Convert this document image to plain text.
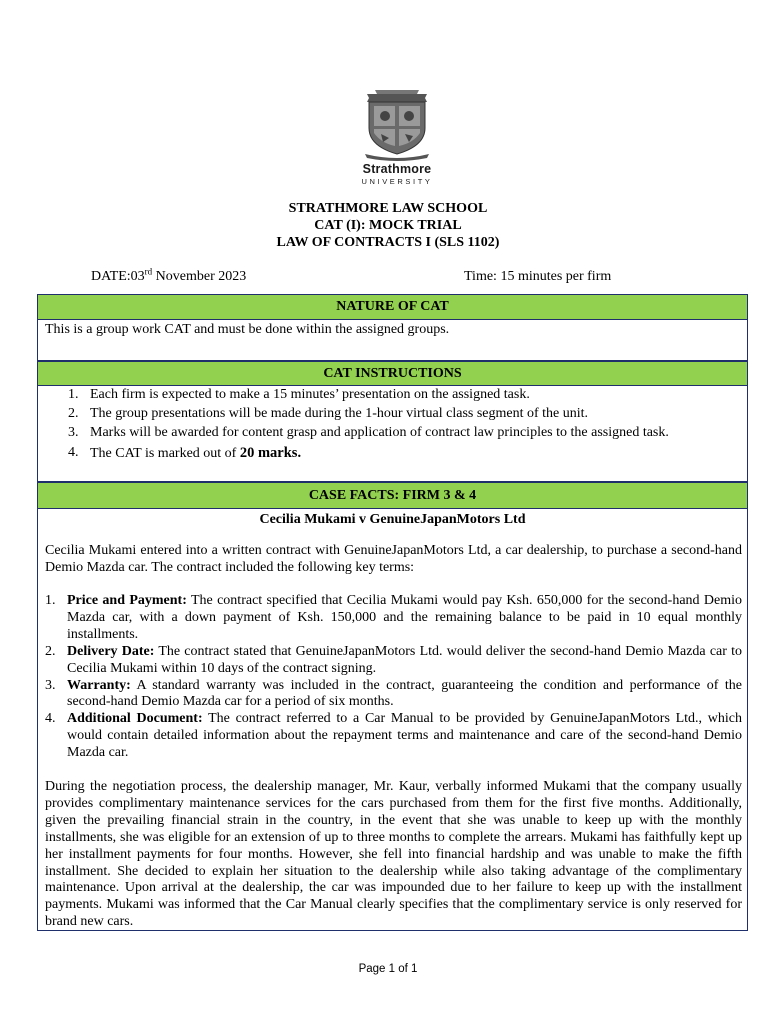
Strathmore
UNIVERSITY
STRATHMORE LAW SCHOOL
CAT (I): MOCK TRIAL
LAW OF CONTRACTS I (SLS 1102)
DATE:03rd November 2023	Time: 15 minutes per firm
NATURE OF CAT
This is a group work CAT and must be done within the assigned groups.
CAT INSTRUCTIONS
1. Each firm is expected to make a 15 minutes’ presentation on the assigned task.
2. The group presentations will be made during the 1-hour virtual class segment of the unit.
3. Marks will be awarded for content grasp and application of contract law principles to the assigned task.
4. The CAT is marked out of 20 marks.
CASE FACTS: FIRM 3 & 4
Cecilia Mukami v GenuineJapanMotors Ltd
Cecilia Mukami entered into a written contract with GenuineJapanMotors Ltd, a car dealership, to purchase a second-hand Demio Mazda car. The contract included the following key terms:
1. Price and Payment: The contract specified that Cecilia Mukami would pay Ksh. 650,000 for the second-hand Demio Mazda car, with a down payment of Ksh. 150,000 and the remaining balance to be paid in 10 equal monthly installments.
2. Delivery Date: The contract stated that GenuineJapanMotors Ltd. would deliver the second-hand Demio Mazda car to Cecilia Mukami within 10 days of the contract signing.
3. Warranty: A standard warranty was included in the contract, guaranteeing the condition and performance of the second-hand Demio Mazda car for a period of six months.
4. Additional Document: The contract referred to a Car Manual to be provided by GenuineJapanMotors Ltd., which would contain detailed information about the repayment terms and maintenance and care of the second-hand Demio Mazda car.
During the negotiation process, the dealership manager, Mr. Kaur, verbally informed Mukami that the company usually provides complimentary maintenance services for the cars purchased from them for the first five months. Additionally, given the prevailing financial strain in the country, in the event that she was unable to keep up with the monthly installments, she was eligible for an extension of up to three months to complete the arrears. Mukami has faithfully kept up her installment payments for four months. However, she fell into financial hardship and was unable to make the fifth installment. She decided to explain her situation to the dealership while also taking advantage of the complimentary maintenance. Upon arrival at the dealership, the car was impounded due to her failure to keep up with the installment payments. Mukami was informed that the Car Manual clearly specifies that the complimentary service is only reserved for brand new cars.
Page 1 of 1
